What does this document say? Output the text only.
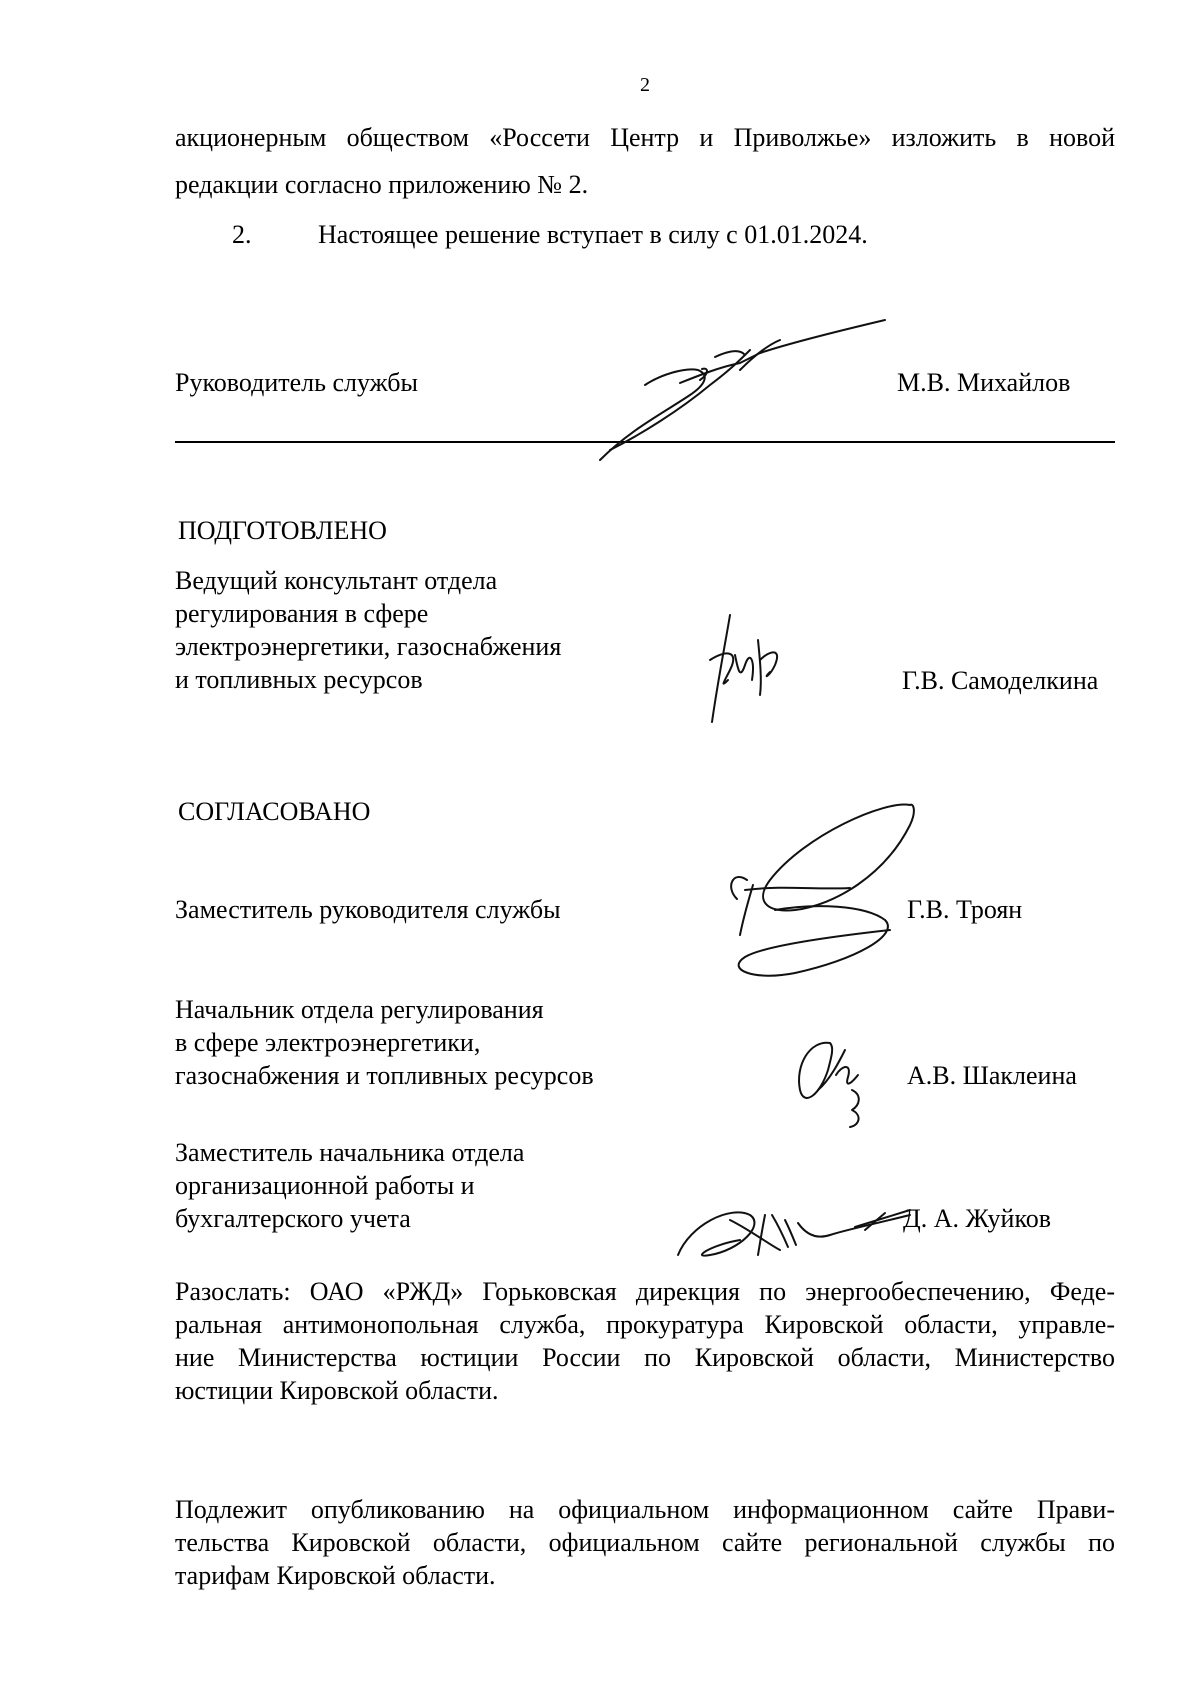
2
акционерным обществом «Россети Центр и Приволжье» изложить в новой
редакции согласно приложению № 2.
2.	Настоящее решение вступает в силу с 01.01.2024.
Руководитель службы	М.В. Михайлов
ПОДГОТОВЛЕНО
Ведущий консультант отдела
регулирования в сфере
электроэнергетики, газоснабжения
и топливных ресурсов	Г.В. Самоделкина
СОГЛАСОВАНО
Заместитель руководителя службы	Г.В. Троян
Начальник отдела регулирования
в сфере электроэнергетики,
газоснабжения и топливных ресурсов	А.В. Шаклеина
Заместитель начальника отдела
организационной работы и
бухгалтерского учета	Д. А. Жуйков
Разослать: ОАО «РЖД» Горьковская дирекция по энергообеспечению, Феде-
ральная антимонопольная служба, прокуратура Кировской области, управле-
ние Министерства юстиции России по Кировской области, Министерство
юстиции Кировской области.
Подлежит опубликованию на официальном информационном сайте Прави-
тельства Кировской области, официальном сайте региональной службы по
тарифам Кировской области.
